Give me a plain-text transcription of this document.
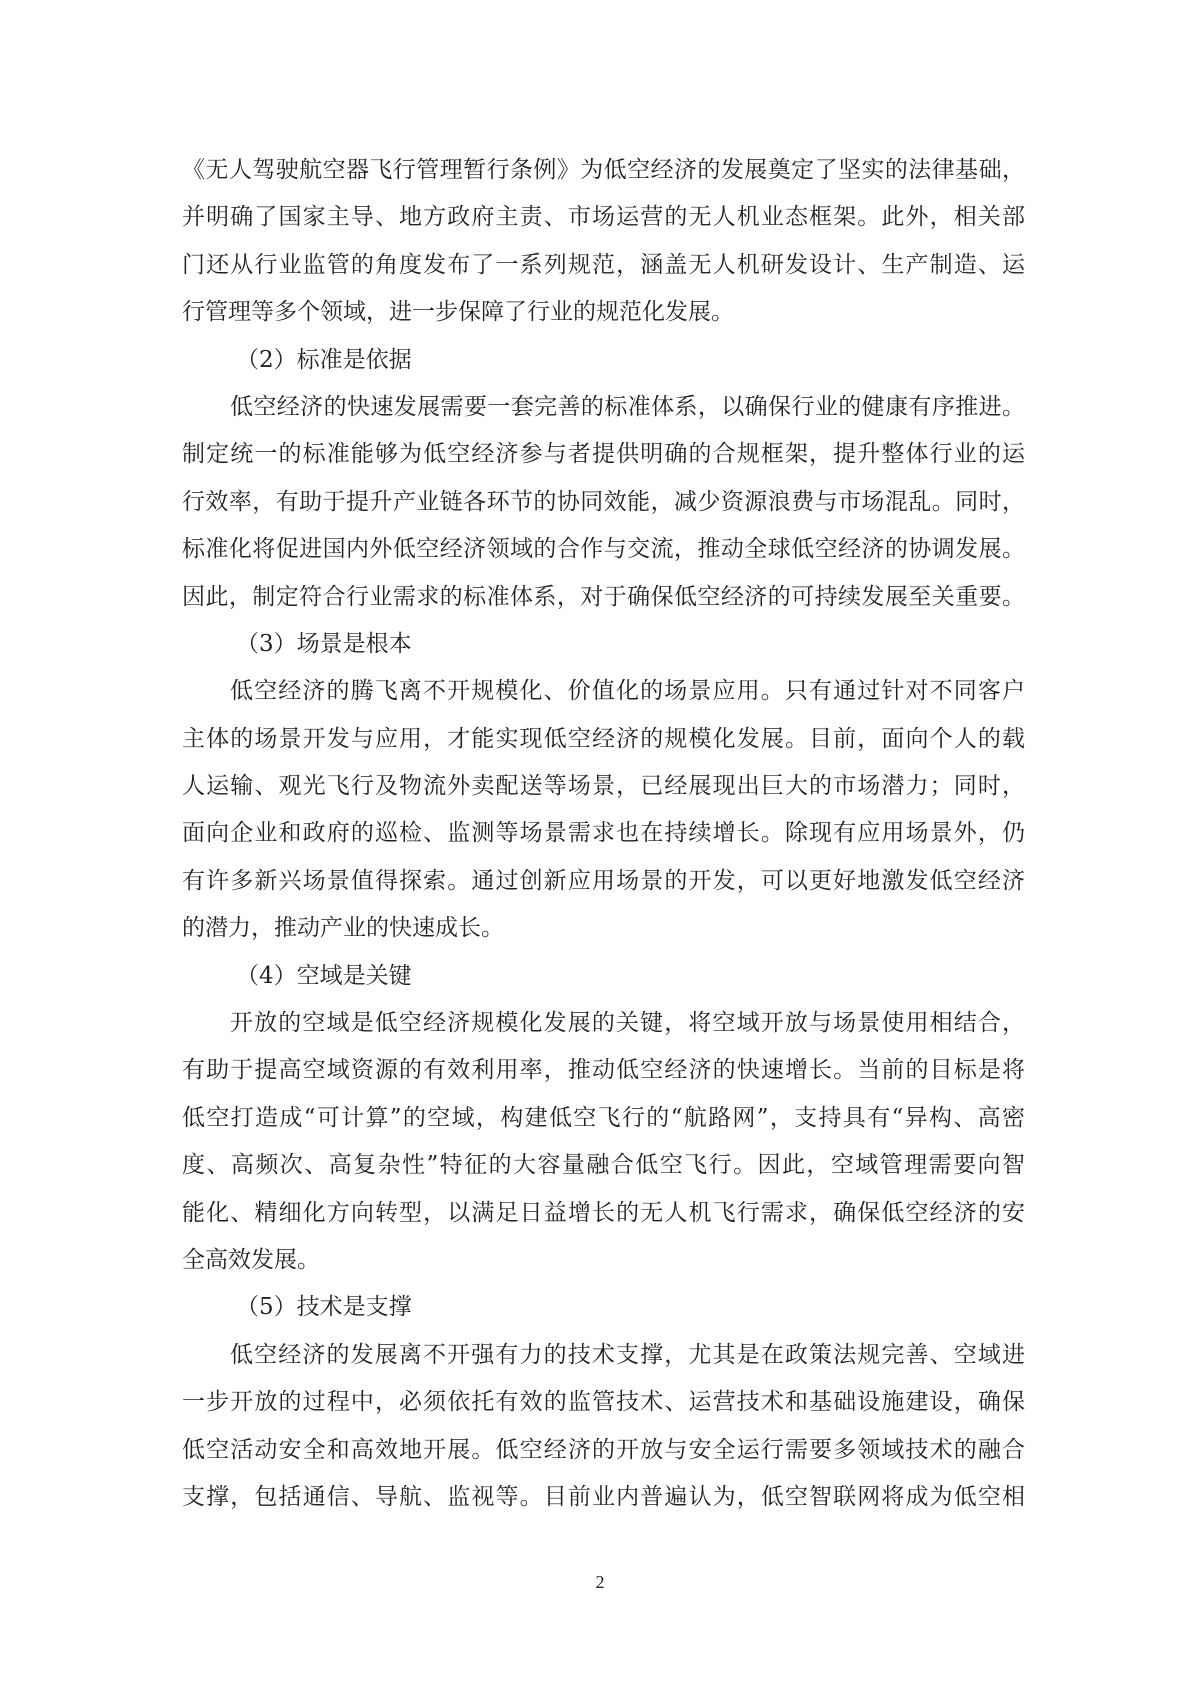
《无人驾驶航空器飞行管理暂行条例》为低空经济的发展奠定了坚实的法律基础，
并明确了国家主导、地方政府主责、市场运营的无人机业态框架。此外，相关部
门还从行业监管的角度发布了一系列规范，涵盖无人机研发设计、生产制造、运
行管理等多个领域，进一步保障了行业的规范化发展。
（2）标准是依据
低空经济的快速发展需要一套完善的标准体系，以确保行业的健康有序推进。
制定统一的标准能够为低空经济参与者提供明确的合规框架，提升整体行业的运
行效率，有助于提升产业链各环节的协同效能，减少资源浪费与市场混乱。同时，
标准化将促进国内外低空经济领域的合作与交流，推动全球低空经济的协调发展。
因此，制定符合行业需求的标准体系，对于确保低空经济的可持续发展至关重要。
（3）场景是根本
低空经济的腾飞离不开规模化、价值化的场景应用。只有通过针对不同客户
主体的场景开发与应用，才能实现低空经济的规模化发展。目前，面向个人的载
人运输、观光飞行及物流外卖配送等场景，已经展现出巨大的市场潜力；同时，
面向企业和政府的巡检、监测等场景需求也在持续增长。除现有应用场景外，仍
有许多新兴场景值得探索。通过创新应用场景的开发，可以更好地激发低空经济
的潜力，推动产业的快速成长。
（4）空域是关键
开放的空域是低空经济规模化发展的关键，将空域开放与场景使用相结合，
有助于提高空域资源的有效利用率，推动低空经济的快速增长。当前的目标是将
低空打造成“可计算”的空域，构建低空飞行的“航路网”，支持具有“异构、高密
度、高频次、高复杂性”特征的大容量融合低空飞行。因此，空域管理需要向智
能化、精细化方向转型，以满足日益增长的无人机飞行需求，确保低空经济的安
全高效发展。
（5）技术是支撑
低空经济的发展离不开强有力的技术支撑，尤其是在政策法规完善、空域进
一步开放的过程中，必须依托有效的监管技术、运营技术和基础设施建设，确保
低空活动安全和高效地开展。低空经济的开放与安全运行需要多领域技术的融合
支撑，包括通信、导航、监视等。目前业内普遍认为，低空智联网将成为低空相
2
